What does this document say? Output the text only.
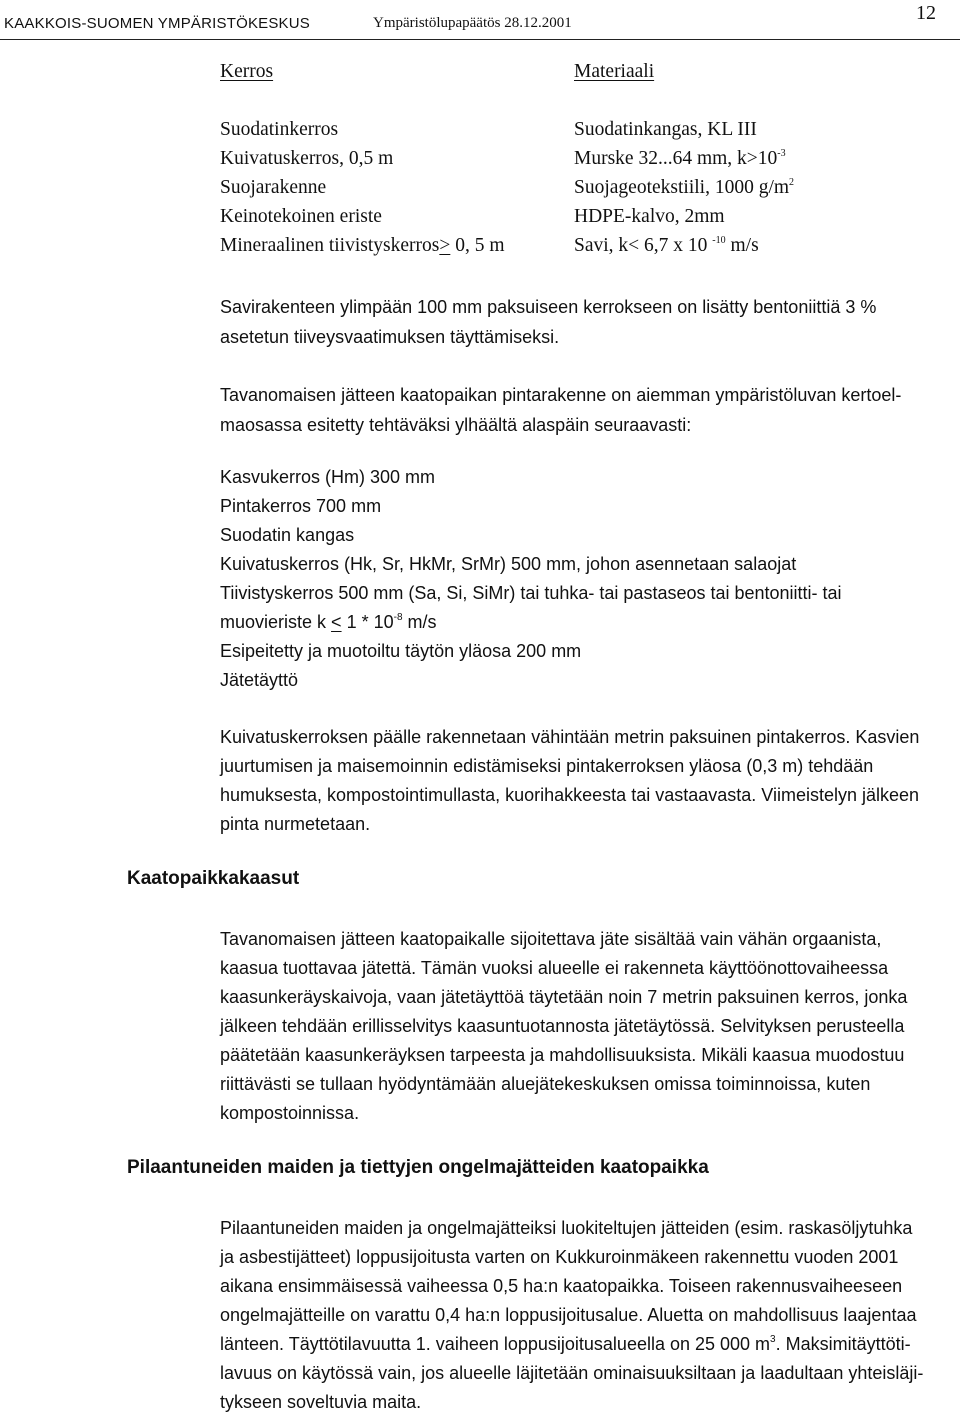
KAAKKOIS-SUOMEN YMPÄRISTÖKESKUS	Ympäristölupapäätös 28.12.2001	12
Kerros	Materiaali
Suodatinkerros	Suodatinkangas, KL III
Kuivatuskerros, 0,5 m	Murske 32...64 mm, $k>10^{-3}$
Suojarakenne	Suojageotekstiili, 1000 $g/m^2$
Keinotekoinen eriste	HDPE-kalvo, 2mm
Mineraalinen tiivistyskerros> 0, 5 m	Savi, k< 6,7 x 10 $^{-10}$ m/s
Savirakenteen ylimpään 100 mm paksuiseen kerrokseen on lisätty bentoniittiä 3 %
asetetun tiiveysvaatimuksen täyttämiseksi.
Tavanomaisen jätteen kaatopaikan pintarakenne on aiemman ympäristöluvan kertoel-
maosassa esitetty tehtäväksi ylhäältä alaspäin seuraavasti:
Kasvukerros (Hm) 300 mm
Pintakerros 700 mm
Suodatin kangas
Kuivatuskerros (Hk, Sr, HkMr, SrMr) 500 mm, johon asennetaan salaojat
Tiivistyskerros 500 mm (Sa, Si, SiMr) tai tuhka- tai pastaseos tai bentoniitti- tai
muovieriste $k < 1 * 10^{-8}$ m/s
Esipeitetty ja muotoiltu täytön yläosa 200 mm
Jätetäyttö
Kuivatuskerroksen päälle rakennetaan vähintään metrin paksuinen pintakerros. Kasvien
juurtumisen ja maisemoinnin edistämiseksi pintakerroksen yläosa (0,3 m) tehdään
humuksesta, kompostointimullasta, kuorihakkeesta tai vastaavasta. Viimeistelyn jälkeen
pinta nurmetetaan.
Kaatopaikkakaasut
Tavanomaisen jätteen kaatopaikalle sijoitettava jäte sisältää vain vähän orgaanista,
kaasua tuottavaa jätettä. Tämän vuoksi alueelle ei rakenneta käyttöönottovaiheessa
kaasunkeräyskaivoja, vaan jätetäyttöä täytetään noin 7 metrin paksuinen kerros, jonka
jälkeen tehdään erillisselvitys kaasuntuotannosta jätetäytössä. Selvityksen perusteella
päätetään kaasunkeräyksen tarpeesta ja mahdollisuuksista. Mikäli kaasua muodostuu
riittävästi se tullaan hyödyntämään aluejätekeskuksen omissa toiminnoissa, kuten
kompostoinnissa.
Pilaantuneiden maiden ja tiettyjen ongelmajätteiden kaatopaikka
Pilaantuneiden maiden ja ongelmajätteiksi luokiteltujen jätteiden (esim. raskasöljytuhka
ja asbestijätteet) loppusijoitusta varten on Kukkuroinmäkeen rakennettu vuoden 2001
aikana ensimmäisessä vaiheessa 0,5 ha:n kaatopaikka. Toiseen rakennusvaiheeseen
ongelmajätteille on varattu 0,4 ha:n loppusijoitusalue. Aluetta on mahdollisuus laajentaa
länteen. Täyttötilavuutta 1. vaiheen loppusijoitusalueella on 25 000 $m^3$. Maksimitäyttöti-
lavuus on käytössä vain, jos alueelle läjitetään ominaisuuksiltaan ja laadultaan yhteisläji-
tykseen soveltuvia maita.
